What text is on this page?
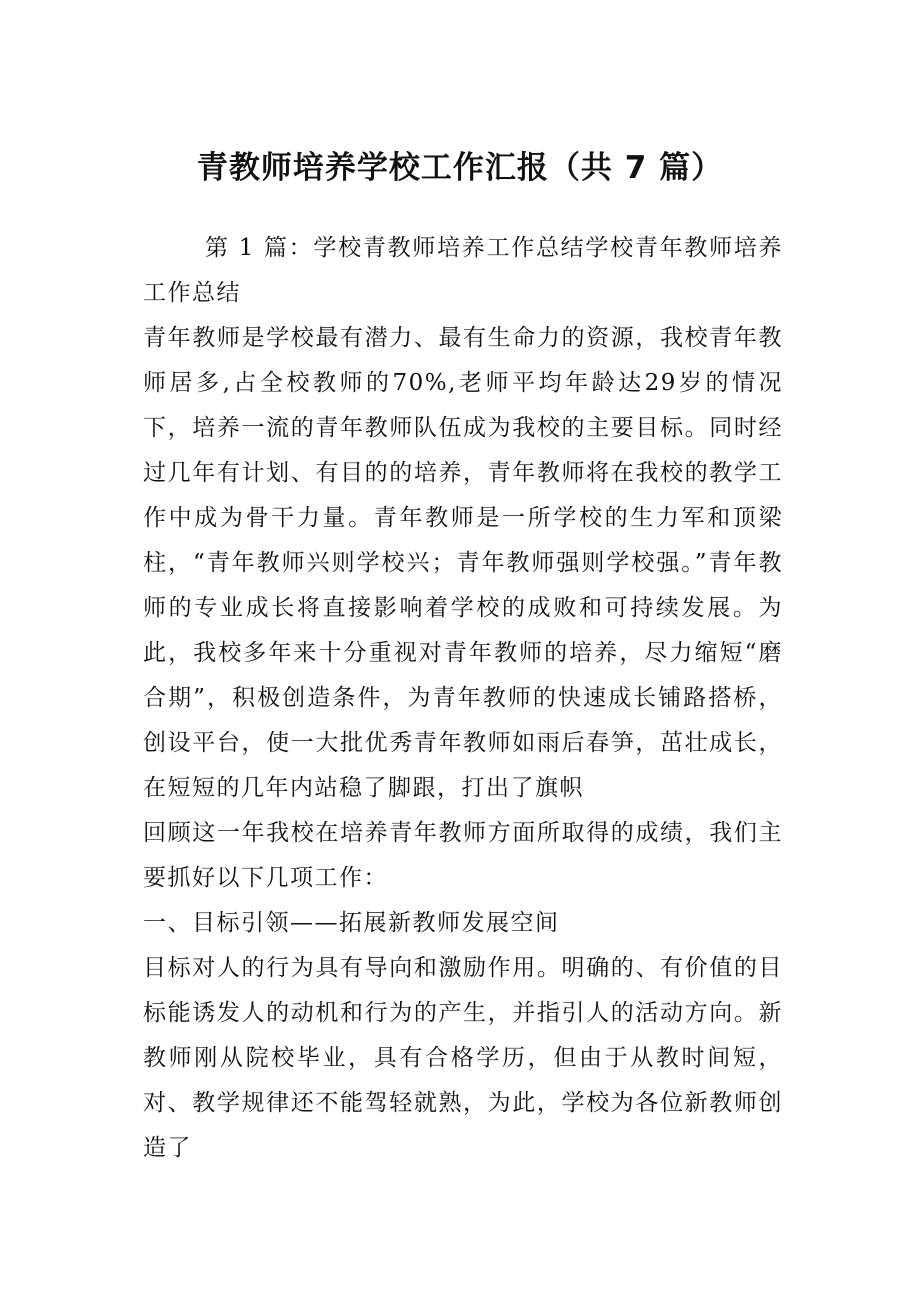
青教师培养学校工作汇报（共 7 篇）

第 1 篇：学校青教师培养工作总结学校青年教师培养工作总结

青年教师是学校最有潜力、最有生命力的资源，我校青年教师居多,占全校教师的70%,老师平均年龄达29岁的情况下，培养一流的青年教师队伍成为我校的主要目标。同时经过几年有计划、有目的的培养，青年教师将在我校的教学工作中成为骨干力量。青年教师是一所学校的生力军和顶梁柱，“青年教师兴则学校兴；青年教师强则学校强。”青年教师的专业成长将直接影响着学校的成败和可持续发展。为此，我校多年来十分重视对青年教师的培养，尽力缩短“磨合期”，积极创造条件，为青年教师的快速成长铺路搭桥，创设平台，使一大批优秀青年教师如雨后春笋，茁壮成长，在短短的几年内站稳了脚跟，打出了旗帜

回顾这一年我校在培养青年教师方面所取得的成绩，我们主要抓好以下几项工作：

一、目标引领——拓展新教师发展空间

目标对人的行为具有导向和激励作用。明确的、有价值的目标能诱发人的动机和行为的产生，并指引人的活动方向。新教师刚从院校毕业，具有合格学历，但由于从教时间短，对、教学规律还不能驾轻就熟，为此，学校为各位新教师创造了
